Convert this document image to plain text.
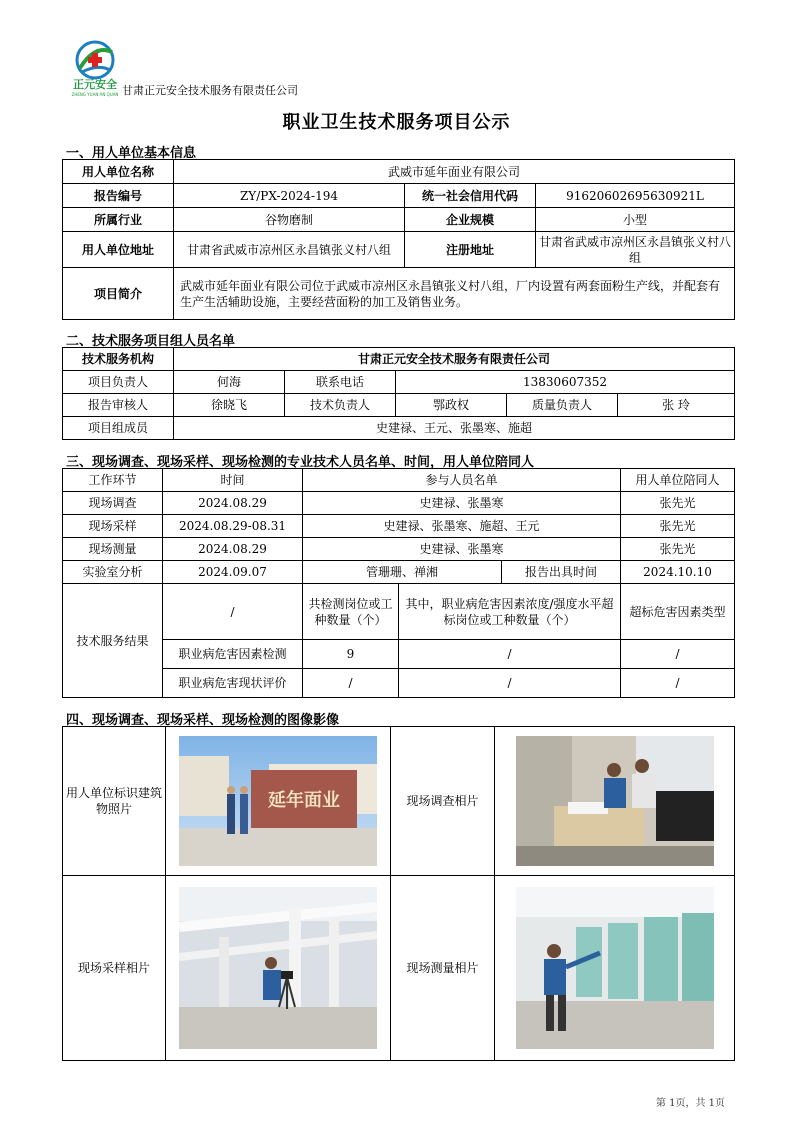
正元安全
ZHENG YUAN AN QUAN 甘肃正元安全技术服务有限责任公司
职业卫生技术服务项目公示
一、用人单位基本信息
用人单位名称	武威市延年面业有限公司		
报告编号	ZY/PX-2024-194	统一社会信用代码	91620602695630921L
所属行业	谷物磨制	企业规模	小型
用人单位地址	甘肃省武威市凉州区永昌镇张义村八组	注册地址	甘肃省武威市凉州区永昌镇张义村八组
项目简介	武威市延年面业有限公司位于武威市凉州区永昌镇张义村八组，厂内设置有两套面粉生产线，并配套有生产生活辅助设施，主要经营面粉的加工及销售业务。		
二、技术服务项目组人员名单
技术服务机构	甘肃正元安全技术服务有限责任公司				
项目负责人	何海	联系电话	13830607352		
报告审核人	徐晓飞	技术负责人	鄂政权	质量负责人	张 玲
项目组成员	史建禄、王元、张墨寒、施超				
三、现场调查、现场采样、现场检测的专业技术人员名单、时间，用人单位陪同人
工作环节	时间	参与人员名单			用人单位陪同人
现场调查	2024.08.29	史建禄、张墨寒			张先光
现场采样	2024.08.29-08.31	史建禄、张墨寒、施超、王元			张先光
现场测量	2024.08.29	史建禄、张墨寒			张先光
实验室分析	2024.09.07	管珊珊、禅湘		报告出具时间	2024.10.10
技术服务结果	/	共检测岗位或工种数量（个）	其中，职业病危害因素浓度/强度水平超标岗位或工种数量（个）		超标危害因素类型
	职业病危害因素检测	9	/		/
	职业病危害现状评价	/	/		/
四、现场调查、现场采样、现场检测的图像影像
用人单位标识建筑物照片	延年面业	现场调查相片	
现场采样相片		现场测量相片	
第 1页，共 1页
